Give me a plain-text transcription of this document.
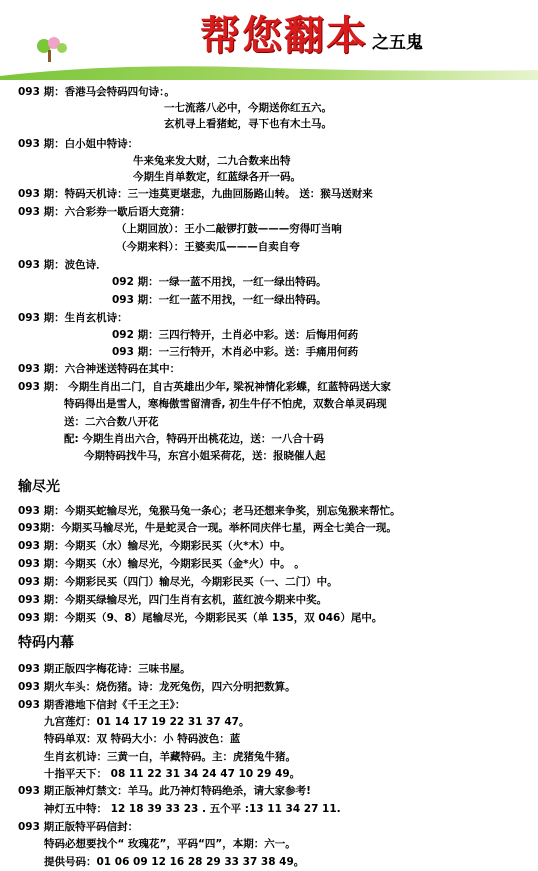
帮您翻本 之五鬼
093 期：香港马会特码四句诗：。
一七流落八必中，今期送你红五六。
玄机寻上看猪蛇，寻下也有木土马。
093 期：白小姐中特诗：
牛来兔来发大财，二九合数来出特
今期生肖单数定，红蓝绿各开一码。
093 期：特码天机诗：三一违莫更堪悲，九曲回肠路山转。 送：猴马送财来
093 期：六合彩券一歇后语大竞猜：
（上期回放）：王小二敲锣打鼓———穷得叮当响
（今期来料）：王婆卖瓜———自卖自夸
093 期：波色诗．
092 期：一绿一蓝不用找，一红一绿出特码。
093 期：一红一蓝不用找，一红一绿出特码。
093 期：生肖玄机诗：
092 期：三四行特开，土肖必中彩。送：后悔用何药
093 期：一三行特开，木肖必中彩。送：手痛用何药
093 期：六合神迷送特码在其中：
093 期： 今期生肖出二门，自古英雄出少年, 梁祝神情化彩蝶，红蓝特码送大家
特码得出是雪人，寒梅傲雪留清香, 初生牛仔不怕虎，双数合单灵码现
送：二六合数八开花
配: 今期生肖出六合，特码开出桃花边，送：一八合十码
今期特码找牛马，东宫小姐采荷花，送：报晓催人起
输尽光
093 期：今期买蛇输尽光，兔猴马兔一条心；老马还想来争奖，别忘兔猴来帮忙。
093期：今期买马输尽光，牛是蛇灵合一现。举杯同庆伴七星，两全七美合一现。
093 期：今期买（水）输尽光，今期彩民买（火*木）中。
093 期：今期买（水）输尽光，今期彩民买（金*火）中。 。
093 期：今期彩民买（四门）输尽光，今期彩民买（一、二门）中。
093 期：今期买绿输尽光，四门生肖有玄机，蓝红波今期来中奖。
093 期：今期买（9、8）尾输尽光，今期彩民买（单 135，双 046）尾中。
特码内幕
093 期正版四字梅花诗：三味书屋。
093 期火车头：烧伤猪。诗：龙死兔伤，四六分明把数算。
093 期香港地下信封《千王之王》：
九宫莲灯：01 14 17 19 22 31 37 47。
特码单双：双 特码大小：小 特码波色：蓝
生肖玄机诗：三黄一白，羊藏特码。主：虎猪兔牛猪。
十指平天下： 08 11 22 31 34 24 47 10 29 49。
093 期正版神灯禁文：羊马。此乃神灯特码绝杀，请大家参考!
神灯五中特： 12 18 39 33 23 . 五个平 :13 11 34 27 11.
093 期正版特平码信封：
特码必想要找个“ 玫瑰花”，平码“四”，本期：六一。
提供号码：01 06 09 12 16 28 29 33 37 38 49。
